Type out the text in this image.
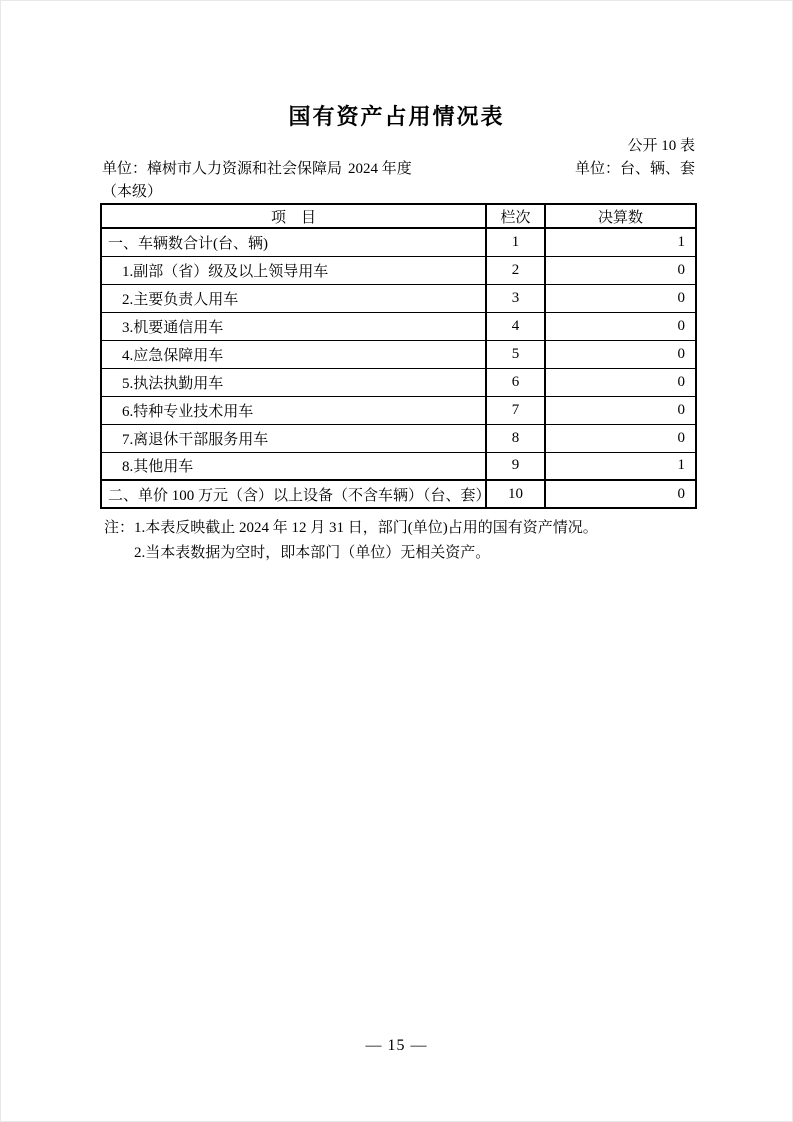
国有资产占用情况表
公开 10 表
单位：樟树市人力资源和社会保障局（本级）
2024 年度	单位：台、辆、套
项　目	栏次	决算数
一、车辆数合计(台、辆)	1	1
1.副部（省）级及以上领导用车	2	0
2.主要负责人用车	3	0
3.机要通信用车	4	0
4.应急保障用车	5	0
5.执法执勤用车	6	0
6.特种专业技术用车	7	0
7.离退休干部服务用车	8	0
8.其他用车	9	1
二、单价 100 万元（含）以上设备（不含车辆）（台、套）	10	0
注：1.本表反映截止 2024 年 12 月 31 日，部门(单位)占用的国有资产情况。
2.当本表数据为空时，即本部门（单位）无相关资产。
— 15 —
